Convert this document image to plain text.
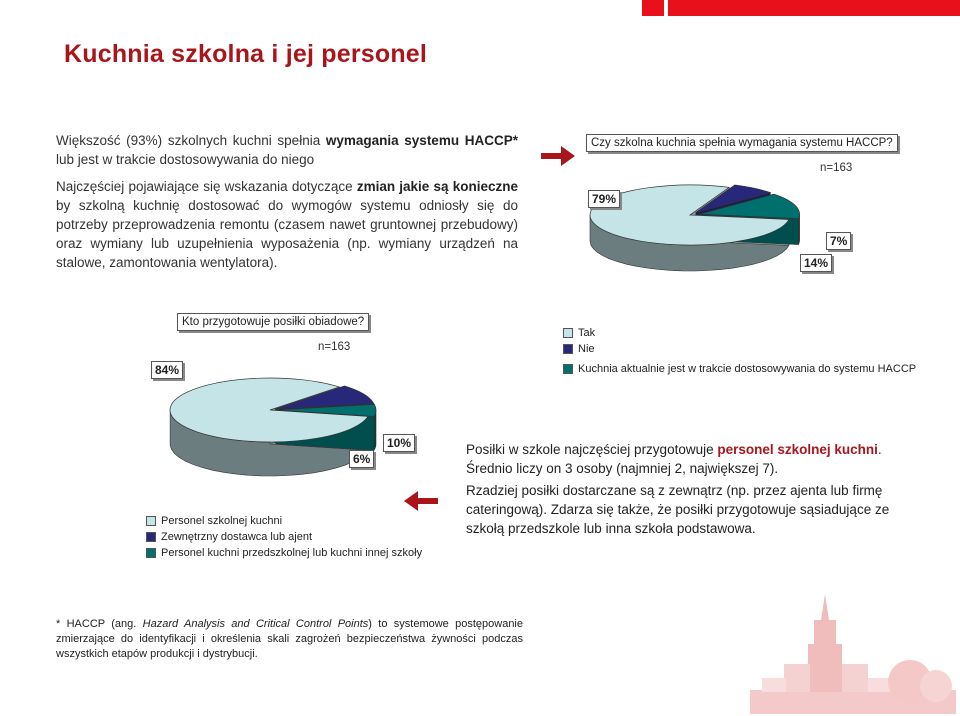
Kuchnia szkolna i jej personel
Większość (93%) szkolnych kuchni spełnia wymagania systemu HACCP* lub jest w trakcie dostosowywania do niego
Najczęściej pojawiające się wskazania dotyczące zmian jakie są konieczne by szkolną kuchnię dostosować do wymogów systemu odniosły się do potrzeby przeprowadzenia remontu (czasem nawet gruntownej przebudowy) oraz wymiany lub uzupełnienia wyposażenia (np. wymiany urządzeń na stalowe, zamontowania wentylatora).
Czy szkolna kuchnia spełnia wymagania systemu HACCP?
n=163
79%
7%
14%
Tak
Nie
Kuchnia aktualnie jest w trakcie dostosowywania do systemu HACCP
Kto przygotowuje posiłki obiadowe?
n=163
84%
10%
6%
Personel szkolnej kuchni
Zewnętrzny dostawca lub ajent
Personel kuchni przedszkolnej lub kuchni innej szkoły
Posiłki w szkole najczęściej przygotowuje personel szkolnej kuchni. Średnio liczy on 3 osoby (najmniej 2, największej 7).
Rzadziej posiłki dostarczane są z zewnątrz (np. przez ajenta lub firmę cateringową). Zdarza się także, że posiłki przygotowuje sąsiadujące ze szkołą przedszkole lub inna szkoła podstawowa.
* HACCP (ang. Hazard Analysis and Critical Control Points) to systemowe postępowanie zmierzające do identyfikacji i określenia skali zagrożeń bezpieczeństwa żywności podczas wszystkich etapów produkcji i dystrybucji.
